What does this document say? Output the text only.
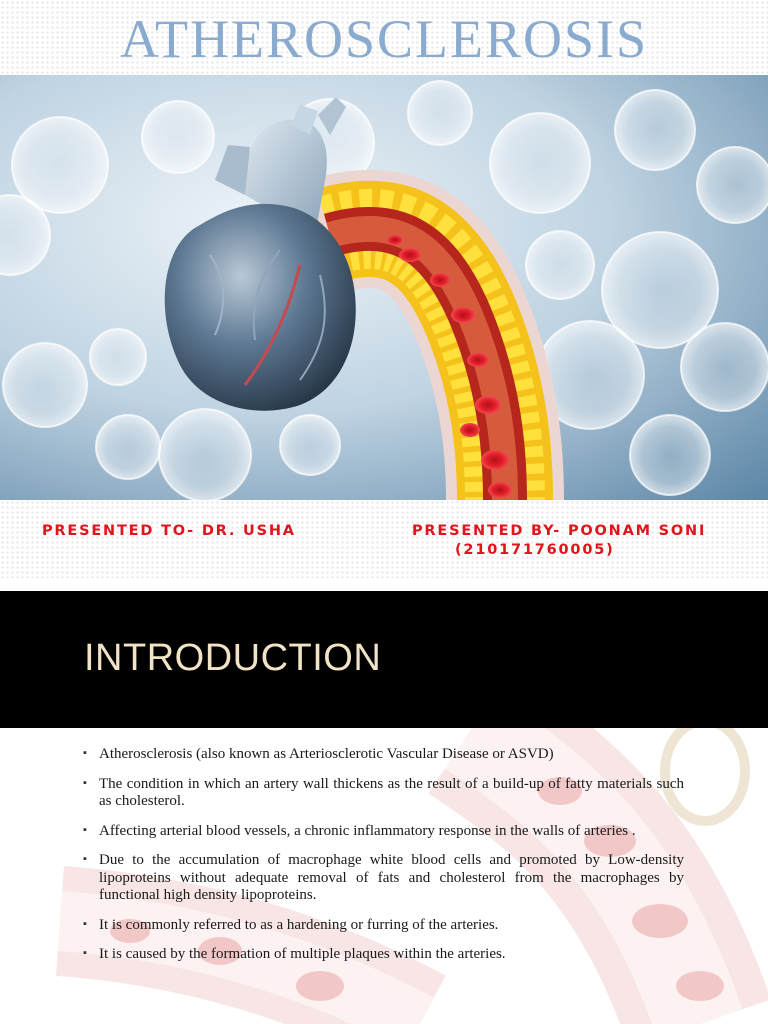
ATHEROSCLEROSIS
PRESENTED TO- DR. USHA	PRESENTED BY- POONAM SONI
(210171760005)
INTRODUCTION
▪ Atherosclerosis (also known as Arteriosclerotic Vascular Disease or ASVD)
▪ The condition in which an artery wall thickens as the result of a build-up of fatty materials such as cholesterol.
▪ Affecting arterial blood vessels, a chronic inflammatory response in the walls of arteries .
▪ Due to the accumulation of macrophage white blood cells and promoted by Low-density lipoproteins without adequate removal of fats and cholesterol from the macrophages by functional high density lipoproteins.
▪ It is commonly referred to as a hardening or furring of the arteries.
▪ It is caused by the formation of multiple plaques within the arteries.
